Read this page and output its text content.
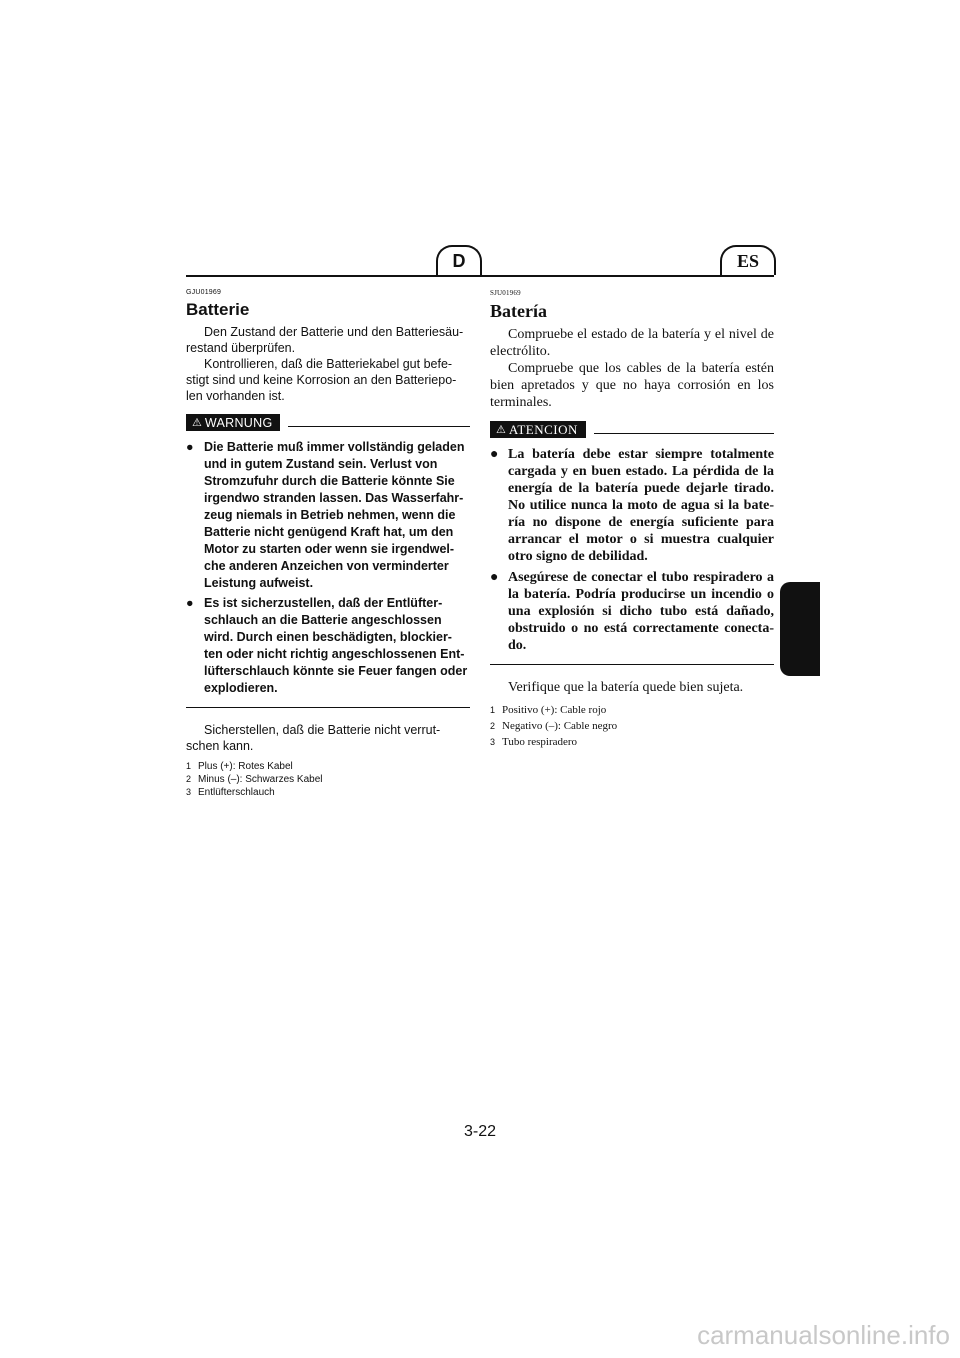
D	ES

GJU01969

Batterie

Den Zustand der Batterie und den Batteriesäu-restand überprüfen.

Kontrollieren, daß die Batteriekabel gut befe-stigt sind und keine Korrosion an den Batteriepo-len vorhanden ist.

⚠ WARNUNG
● Die Batterie muß immer vollständig geladen und in gutem Zustand sein. Verlust von Stromzufuhr durch die Batterie könnte Sie irgendwo stranden lassen. Das Wasserfahr-zeug niemals in Betrieb nehmen, wenn die Batterie nicht genügend Kraft hat, um den Motor zu starten oder wenn sie irgendwel-che anderen Anzeichen von verminderter Leistung aufweist.
● Es ist sicherzustellen, daß der Entlüfter-schlauch an die Batterie angeschlossen wird. Durch einen beschädigten, blockier-ten oder nicht richtig angeschlossenen Ent-lüfterschlauch könnte sie Feuer fangen oder explodieren.

Sicherstellen, daß die Batterie nicht verrut-schen kann.

1 Plus (+): Rotes Kabel
2 Minus (–): Schwarzes Kabel
3 Entlüfterschlauch

SJU01969

Batería

Compruebe el estado de la batería y el nivel de electrólito.

Compruebe que los cables de la batería estén bien apretados y que no haya corrosión en los terminales.

⚠ ATENCION
● La batería debe estar siempre totalmente cargada y en buen estado. La pérdida de la energía de la batería puede dejarle tirado. No utilice nunca la moto de agua si la bate-ría no dispone de energía suficiente para arrancar el motor o si muestra cualquier otro signo de debilidad.
● Asegúrese de conectar el tubo respiradero a la batería. Podría producirse un incendio o una explosión si dicho tubo está dañado, obstruido o no está correctamente conecta-do.

Verifique que la batería quede bien sujeta.

1 Positivo (+): Cable rojo
2 Negativo (–): Cable negro
3 Tubo respiradero
3-22
carmanualsonline.info
